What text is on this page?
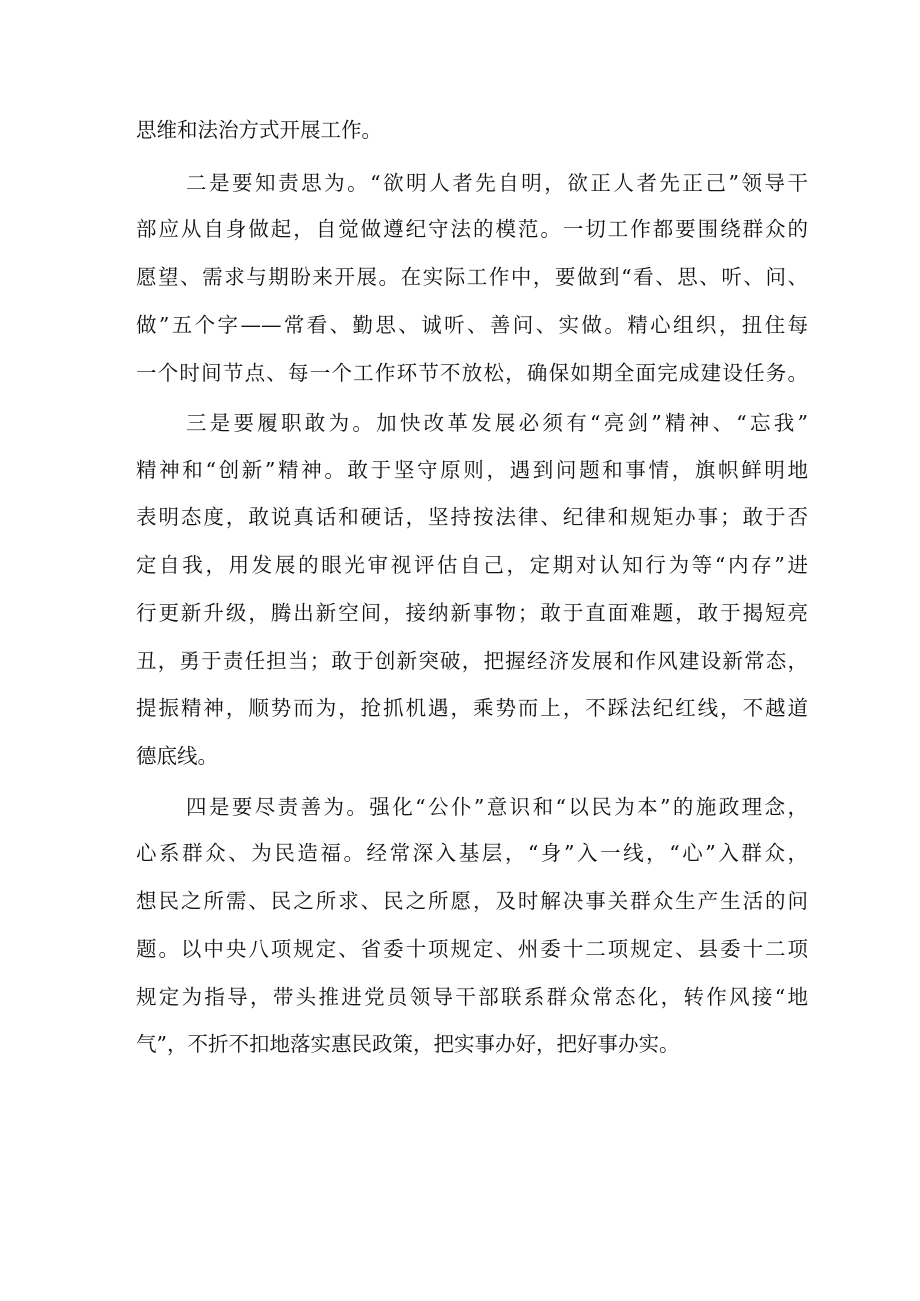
思维和法治方式开展工作。
二是要知责思为。“欲明人者先自明，欲正人者先正己”领导干
部应从自身做起，自觉做遵纪守法的模范。一切工作都要围绕群众的
愿望、需求与期盼来开展。在实际工作中，要做到“看、思、听、问、
做”五个字——常看、勤思、诚听、善问、实做。精心组织，扭住每
一个时间节点、每一个工作环节不放松，确保如期全面完成建设任务。
三是要履职敢为。加快改革发展必须有“亮剑”精神、“忘我”
精神和“创新”精神。敢于坚守原则，遇到问题和事情，旗帜鲜明地
表明态度，敢说真话和硬话，坚持按法律、纪律和规矩办事；敢于否
定自我，用发展的眼光审视评估自己，定期对认知行为等“内存”进
行更新升级，腾出新空间，接纳新事物；敢于直面难题，敢于揭短亮
丑，勇于责任担当；敢于创新突破，把握经济发展和作风建设新常态，
提振精神，顺势而为，抢抓机遇，乘势而上，不踩法纪红线，不越道
德底线。
四是要尽责善为。强化“公仆”意识和“以民为本”的施政理念，
心系群众、为民造福。经常深入基层，“身”入一线，“心”入群众，
想民之所需、民之所求、民之所愿，及时解决事关群众生产生活的问
题。以中央八项规定、省委十项规定、州委十二项规定、县委十二项
规定为指导，带头推进党员领导干部联系群众常态化，转作风接“地
气”，不折不扣地落实惠民政策，把实事办好，把好事办实。
